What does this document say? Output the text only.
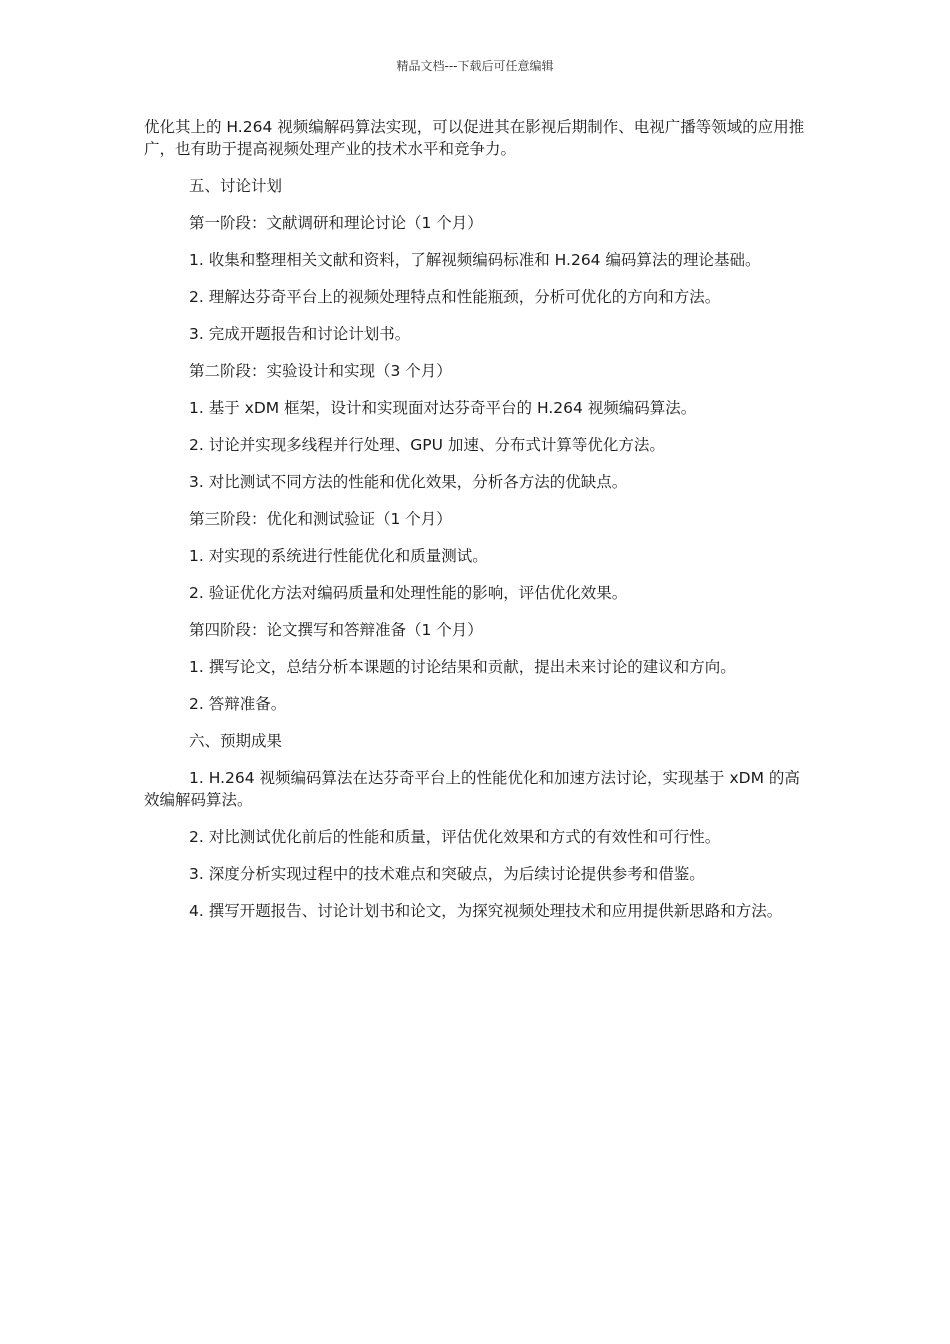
精品文档---下载后可任意编辑

优化其上的 H.264 视频编解码算法实现，可以促进其在影视后期制作、电视广播等领域的应用推广，也有助于提高视频处理产业的技术水平和竞争力。

五、讨论计划

第一阶段：文献调研和理论讨论（1 个月）

1. 收集和整理相关文献和资料，了解视频编码标准和 H.264 编码算法的理论基础。

2. 理解达芬奇平台上的视频处理特点和性能瓶颈，分析可优化的方向和方法。

3. 完成开题报告和讨论计划书。

第二阶段：实验设计和实现（3 个月）

1. 基于 xDM 框架，设计和实现面对达芬奇平台的 H.264 视频编码算法。

2. 讨论并实现多线程并行处理、GPU 加速、分布式计算等优化方法。

3. 对比测试不同方法的性能和优化效果，分析各方法的优缺点。

第三阶段：优化和测试验证（1 个月）

1. 对实现的系统进行性能优化和质量测试。

2. 验证优化方法对编码质量和处理性能的影响，评估优化效果。

第四阶段：论文撰写和答辩准备（1 个月）

1. 撰写论文，总结分析本课题的讨论结果和贡献，提出未来讨论的建议和方向。

2. 答辩准备。

六、预期成果

1. H.264 视频编码算法在达芬奇平台上的性能优化和加速方法讨论，实现基于 xDM 的高效编解码算法。

2. 对比测试优化前后的性能和质量，评估优化效果和方式的有效性和可行性。

3. 深度分析实现过程中的技术难点和突破点，为后续讨论提供参考和借鉴。

4. 撰写开题报告、讨论计划书和论文，为探究视频处理技术和应用提供新思路和方法。
